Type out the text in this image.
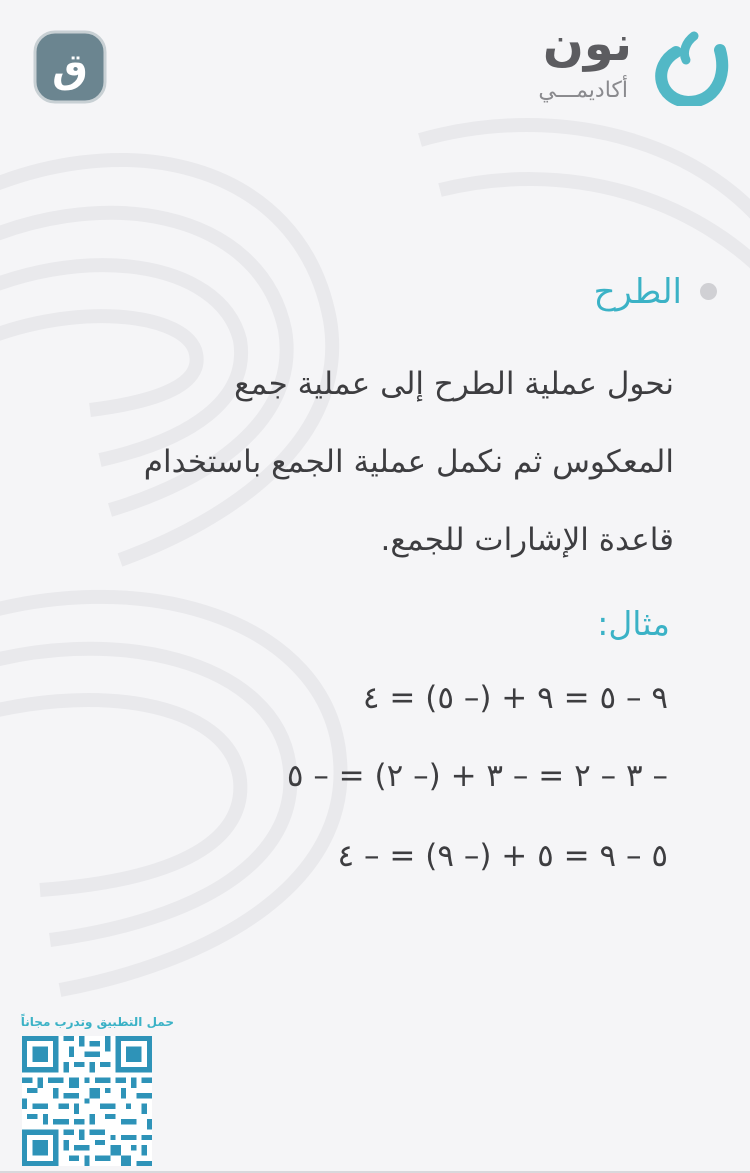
ق	نون
أكاديمـــي
الطرح
نحول عملية الطرح إلى عملية جمع
المعكوس ثم نكمل عملية الجمع باستخدام
قاعدة الإشارات للجمع.
مثال:
٩ – ٥ = ٩ + (– ٥) = ٤
– ٣ – ٢ = – ٣ + (– ٢) = – ٥
٥ – ٩ = ٥ + (– ٩) = – ٤
حمل التطبيق وتدرب مجاناً
